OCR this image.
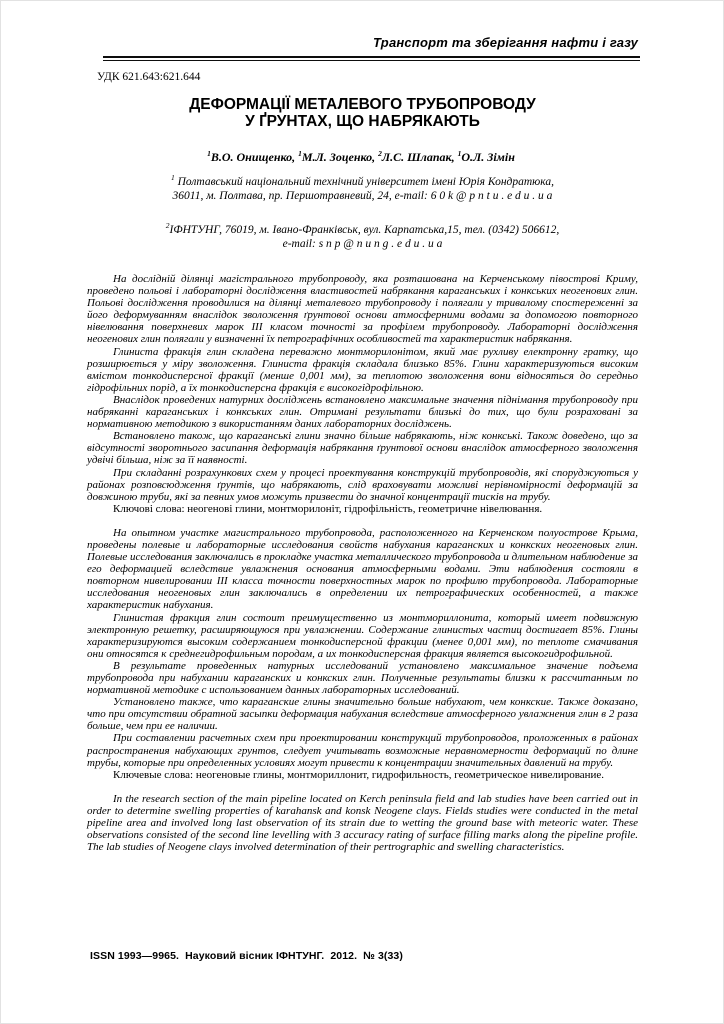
Транспорт та зберігання нафти і газу
УДК 621.643:621.644
ДЕФОРМАЦІЇ МЕТАЛЕВОГО ТРУБОПРОВОДУ
У ҐРУНТАХ, ЩО НАБРЯКАЮТЬ
$^1$В.О. Онищенко, $^1$М.Л. Зоценко, $^2$Л.С. Шлапак, $^1$О.Л. Зімін

$^1$ Полтавський національний технічний університет імені Юрія Кондратюка,
36011, м. Полтава, пр. Першотравневий, 24, e-mail: 6 0 k @ p n t u . e d u . u a

$^2$ІФНТУНГ, 76019, м. Івано-Франківськ, вул. Карпатська,15, тел. (0342) 506612,
e-mail: s n p @ n u n g . e d u . u a

На дослідній ділянці магістрального трубопроводу, яка розташована на Керченському півострові Криму, проведено польові і лабораторні дослідження властивостей набрякання караганських і конкських неогенових глин. Польові дослідження проводилися на ділянці металевого трубопроводу і полягали у тривалому спостереженні за його деформуванням внаслідок зволоження ґрунтової основи атмосферними водами за допомогою повторного нівелювання поверхневих марок ІІІ класом точності за профілем трубопроводу. Лабораторні дослідження неогенових глин полягали у визначенні їх петрографічних особливостей та характеристик набрякання.

Глиниста фракція глин складена переважно монтморилонітом, який має рухливу електронну гратку, що розширюється у міру зволоження. Глиниста фракція складала близько 85%. Глини характеризуються високим вмістом тонкодисперсної фракції (менше 0,001 мм), за теплотою зволоження вони відносяться до середньо гідрофільних порід, а їх тонкодисперсна фракція є високогідрофільною.

Внаслідок проведених натурних досліджень встановлено максимальне значення піднімання трубопроводу при набряканні караганських і конкських глин. Отримані результати близькі до тих, що були розраховані за нормативною методикою з використанням даних лабораторних досліджень.

Встановлено також, що караганські глини значно більше набрякають, ніж конкські. Також доведено, що за відсутності зворотнього засипання деформація набрякання ґрунтової основи внаслідок атмосферного зволоження удвічі більша, ніж за її наявності.

При складанні розрахункових схем у процесі проектування конструкцій трубопроводів, які споруджуються у районах розповсюдження ґрунтів, що набрякають, слід враховувати можливі нерівномірності деформацій за довжиною труби, які за певних умов можуть призвести до значної концентрації тисків на трубу.

Ключові слова: неогенові глини, монтморилоніт, гідрофільність, геометричне нівелювання.

На опытном участке магистрального трубопровода, расположенного на Керченском полуострове Крыма, проведены полевые и лабораторные исследования свойств набухания караганских и конкских неогеновых глин. Полевые исследования заключались в прокладке участка металлического трубопровода и длительном наблюдение за его деформацией вследствие увлажнения основания атмосферными водами. Эти наблюдения состояли в повторном нивелировании ІІІ класса точности поверхностных марок по профилю трубопровода. Лабораторные исследования неогеновых глин заключались в определении их петрографических особенностей, а также характеристик набухания.

Глинистая фракция глин состоит преимущественно из монтмориллонита, который имеет подвижную электронную решетку, расширяющуюся при увлажнении. Содержание глинистых частиц достигает 85%. Глины характеризируются высоким содержанием тонкодисперсной фракции (менее 0,001 мм), по теплоте смачивания они относятся к среднегидрофильным породам, а их тонкодисперсная фракция является высокогидрофильной.

В результате проведенных натурных исследований установлено максимальное значение подъема трубопровода при набухании караганских и конкских глин. Полученные результаты близки к рассчитанным по нормативной методике с использованием данных лабораторных исследований.

Установлено также, что караганские глины значительно больше набухают, чем конкские. Также доказано, что при отсутствии обратной засыпки деформация набухания вследствие атмосферного увлажнения глин в 2 раза больше, чем при ее наличии.

При составлении расчетных схем при проектировании конструкций трубопроводов, проложенных в районах распространения набухающих грунтов, следует учитывать возможные неравномерности деформаций по длине трубы, которые при определенных условиях могут привести к концентрации значительных давлений на трубу.

Ключевые слова: неогеновые глины, монтмориллонит, гидрофильность, геометрическое нивелирование.

In the research section of the main pipeline located on Kerch peninsula field and lab studies have been carried out in order to determine swelling properties of karahansk and konsk Neogene clays. Fields studies were conducted in the metal pipeline area and involved long last observation of its strain due to wetting the ground base with meteoric water. These observations consisted of the second line levelling with 3 accuracy rating of surface filling marks along the pipeline profile. The lab studies of Neogene clays involved determination of their pertrographic and swelling characteristics.

ISSN 1993—9965.  Науковий вісник ІФНТУНГ.  2012.  № 3(33)
